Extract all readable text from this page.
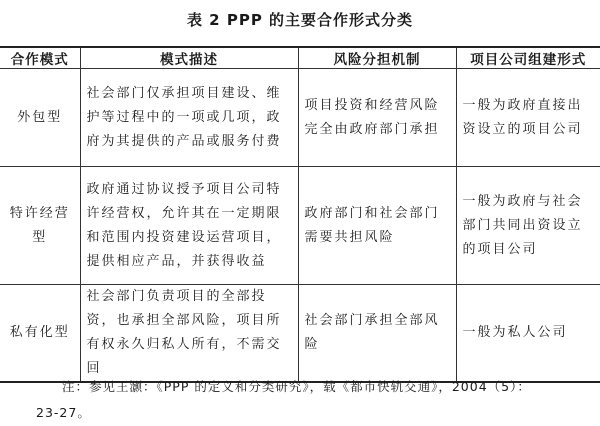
表 2 PPP 的主要合作形式分类
合作模式	模式描述	风险分担机制	项目公司组建形式
外包型	社会部门仅承担项目建设、维护等过程中的一项或几项，政府为其提供的产品或服务付费	项目投资和经营风险完全由政府部门承担	一般为政府直接出资设立的项目公司
特许经营型	政府通过协议授予项目公司特许经营权，允许其在一定期限和范围内投资建设运营项目，提供相应产品，并获得收益	政府部门和社会部门需要共担风险	一般为政府与社会部门共同出资设立的项目公司
私有化型	社会部门负责项目的全部投资，也承担全部风险，项目所有权永久归私人所有，不需交回	社会部门承担全部风险	一般为私人公司
注：参见王灏：《PPP 的定义和分类研究》，载《都市快轨交通》，2004（5）：
23-27。
